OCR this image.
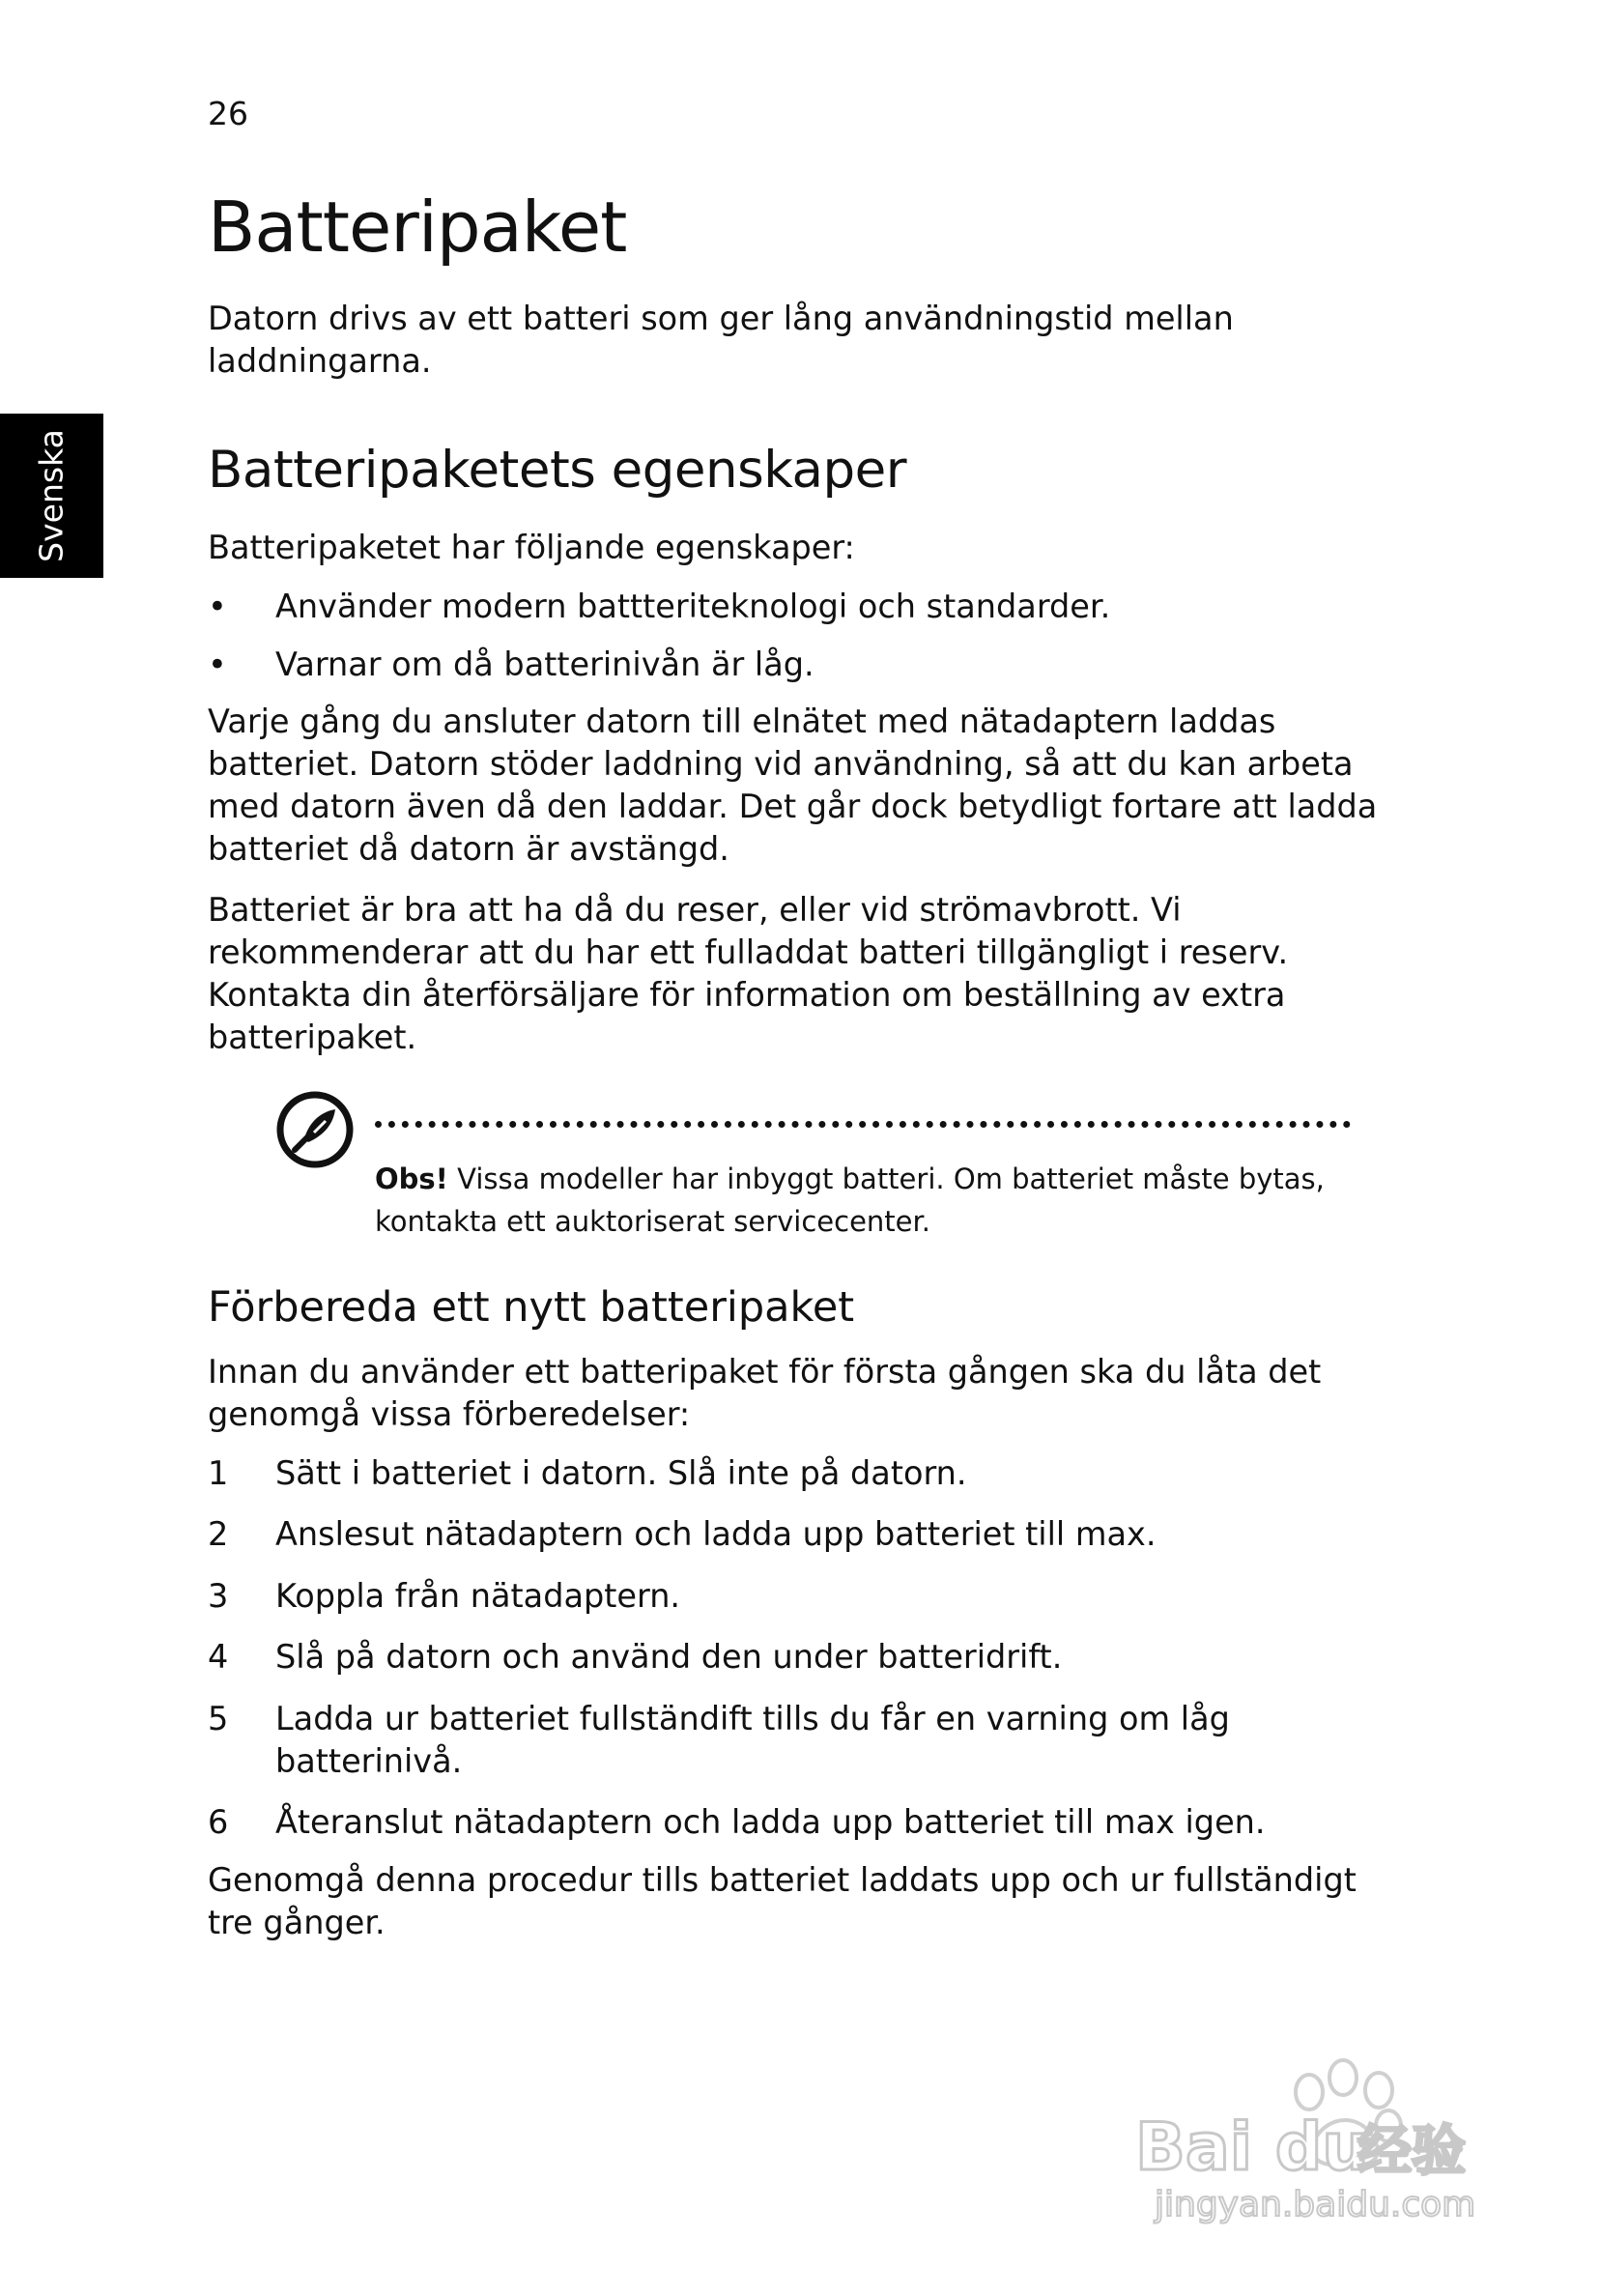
26
Svenska
Batteripaket

Datorn drivs av ett batteri som ger lång användningstid mellan laddningarna.

Batteripaketets egenskaper

Batteripaketet har följande egenskaper:

•	Använder modern battteriteknologi och standarder.

•	Varnar om då batterinivån är låg.

Varje gång du ansluter datorn till elnätet med nätadaptern laddas batteriet. Datorn stöder laddning vid användning, så att du kan arbeta med datorn även då den laddar. Det går dock betydligt fortare att ladda batteriet då datorn är avstängd.

Batteriet är bra att ha då du reser, eller vid strömavbrott. Vi rekommenderar att du har ett fulladdat batteri tillgängligt i reserv. Kontakta din återförsäljare för information om beställning av extra batteripaket.

Obs! Vissa modeller har inbyggt batteri. Om batteriet måste bytas, kontakta ett auktoriserat servicecenter.

Förbereda ett nytt batteripaket

Innan du använder ett batteripaket för första gången ska du låta det genomgå vissa förberedelser:

1	Sätt i batteriet i datorn. Slå inte på datorn.

2	Anslesut nätadaptern och ladda upp batteriet till max.

3	Koppla från nätadaptern.

4	Slå på datorn och använd den under batteridrift.

5	Ladda ur batteriet fullständift tills du får en varning om låg batterinivå.

6	Återanslut nätadaptern och ladda upp batteriet till max igen.

Genomgå denna procedur tills batteriet laddats upp och ur fullständigt tre gånger.

Bai du
经验
jingyan.baidu.com
